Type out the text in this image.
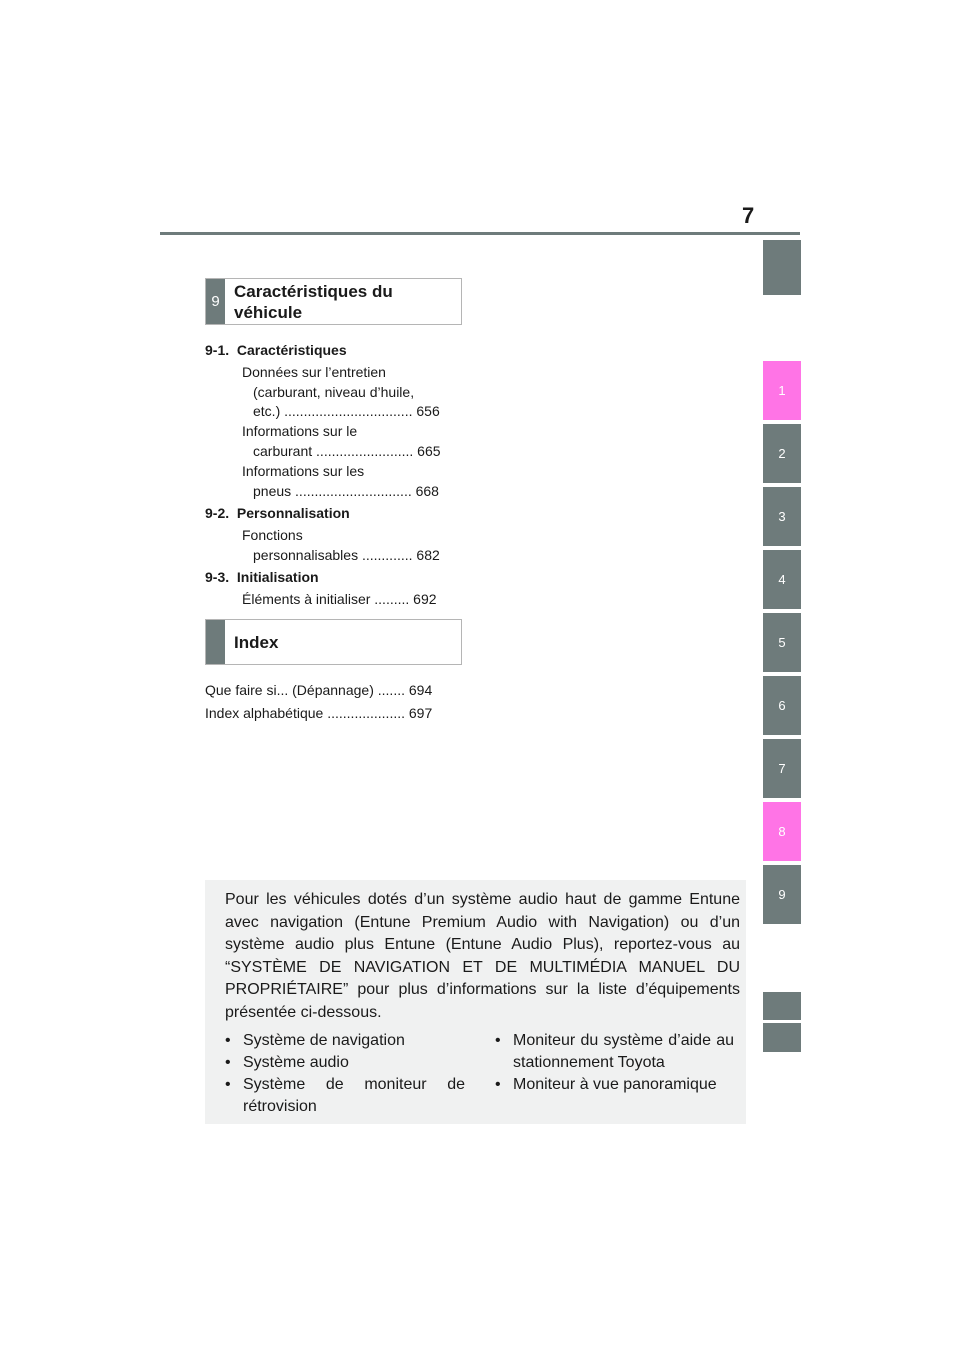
7
1
2
3
4
5
6
7
8
9
9
Caractéristiques du
véhicule
9-1.  Caractéristiques
Données sur l’entretien
(carburant, niveau d’huile,
etc.) ................................. 656
Informations sur le
carburant ......................... 665
Informations sur les
pneus .............................. 668
9-2.  Personnalisation
Fonctions
personnalisables ............. 682
9-3.  Initialisation
Éléments à initialiser ......... 692
Index
Que faire si... (Dépannage) ....... 694
Index alphabétique .................... 697
Pour les véhicules dotés d’un système audio haut de gamme Entune avec navigation (Entune Premium Audio with Navigation) ou d’un système audio plus Entune (Entune Audio Plus), reportez-vous au “SYSTÈME DE NAVIGATION ET DE MULTIMÉDIA MANUEL DU PROPRIÉTAIRE” pour plus d’informations sur la liste d’équipements présentée ci-dessous.
• Système de navigation
• Système audio
• Système de moniteur de rétrovision
• Moniteur du système d’aide au stationnement Toyota
• Moniteur à vue panoramique
